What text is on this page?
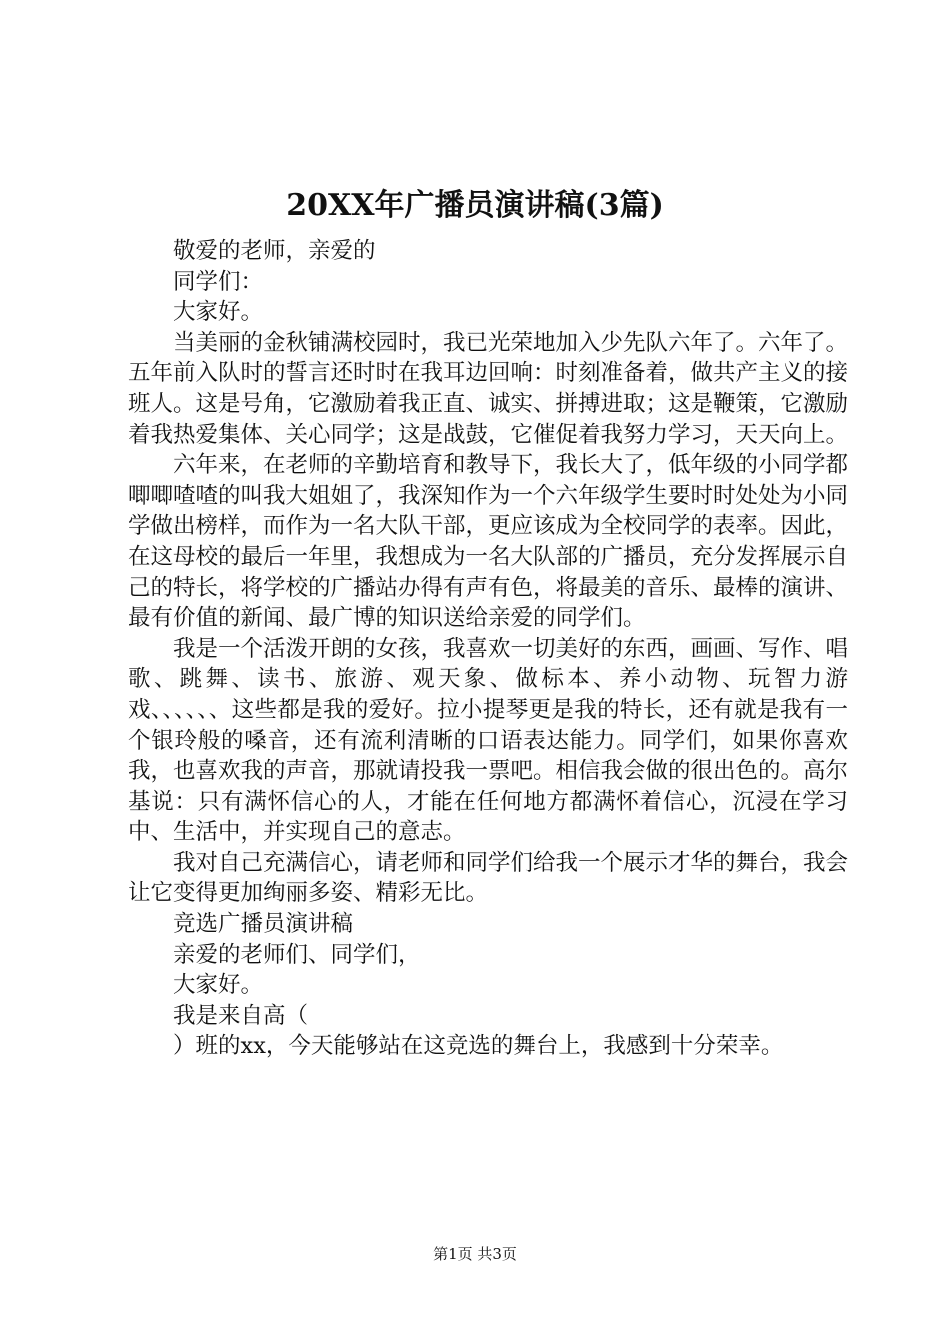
20XX年广播员演讲稿(3篇)

敬爱的老师，亲爱的

同学们：

大家好。

当美丽的金秋铺满校园时，我已光荣地加入少先队六年了。六年了。五年前入队时的誓言还时时在我耳边回响：时刻准备着，做共产主义的接班人。这是号角，它激励着我正直、诚实、拼搏进取；这是鞭策，它激励着我热爱集体、关心同学；这是战鼓，它催促着我努力学习，天天向上。

六年来，在老师的辛勤培育和教导下，我长大了，低年级的小同学都唧唧喳喳的叫我大姐姐了，我深知作为一个六年级学生要时时处处为小同学做出榜样，而作为一名大队干部，更应该成为全校同学的表率。因此，在这母校的最后一年里，我想成为一名大队部的广播员，充分发挥展示自己的特长，将学校的广播站办得有声有色，将最美的音乐、最棒的演讲、最有价值的新闻、最广博的知识送给亲爱的同学们。

我是一个活泼开朗的女孩，我喜欢一切美好的东西，画画、写作、唱歌、跳舞、读书、旅游、观天象、做标本、养小动物、玩智力游戏、、、、、、这些都是我的爱好。拉小提琴更是我的特长，还有就是我有一个银玲般的嗓音，还有流利清晰的口语表达能力。同学们，如果你喜欢我，也喜欢我的声音，那就请投我一票吧。相信我会做的很出色的。高尔基说：只有满怀信心的人，才能在任何地方都满怀着信心，沉浸在学习中、生活中，并实现自己的意志。

我对自己充满信心，请老师和同学们给我一个展示才华的舞台，我会让它变得更加绚丽多姿、精彩无比。

竞选广播员演讲稿

亲爱的老师们、同学们，

大家好。

我是来自高（

）班的xx，今天能够站在这竞选的舞台上，我感到十分荣幸。

第1页 共3页
